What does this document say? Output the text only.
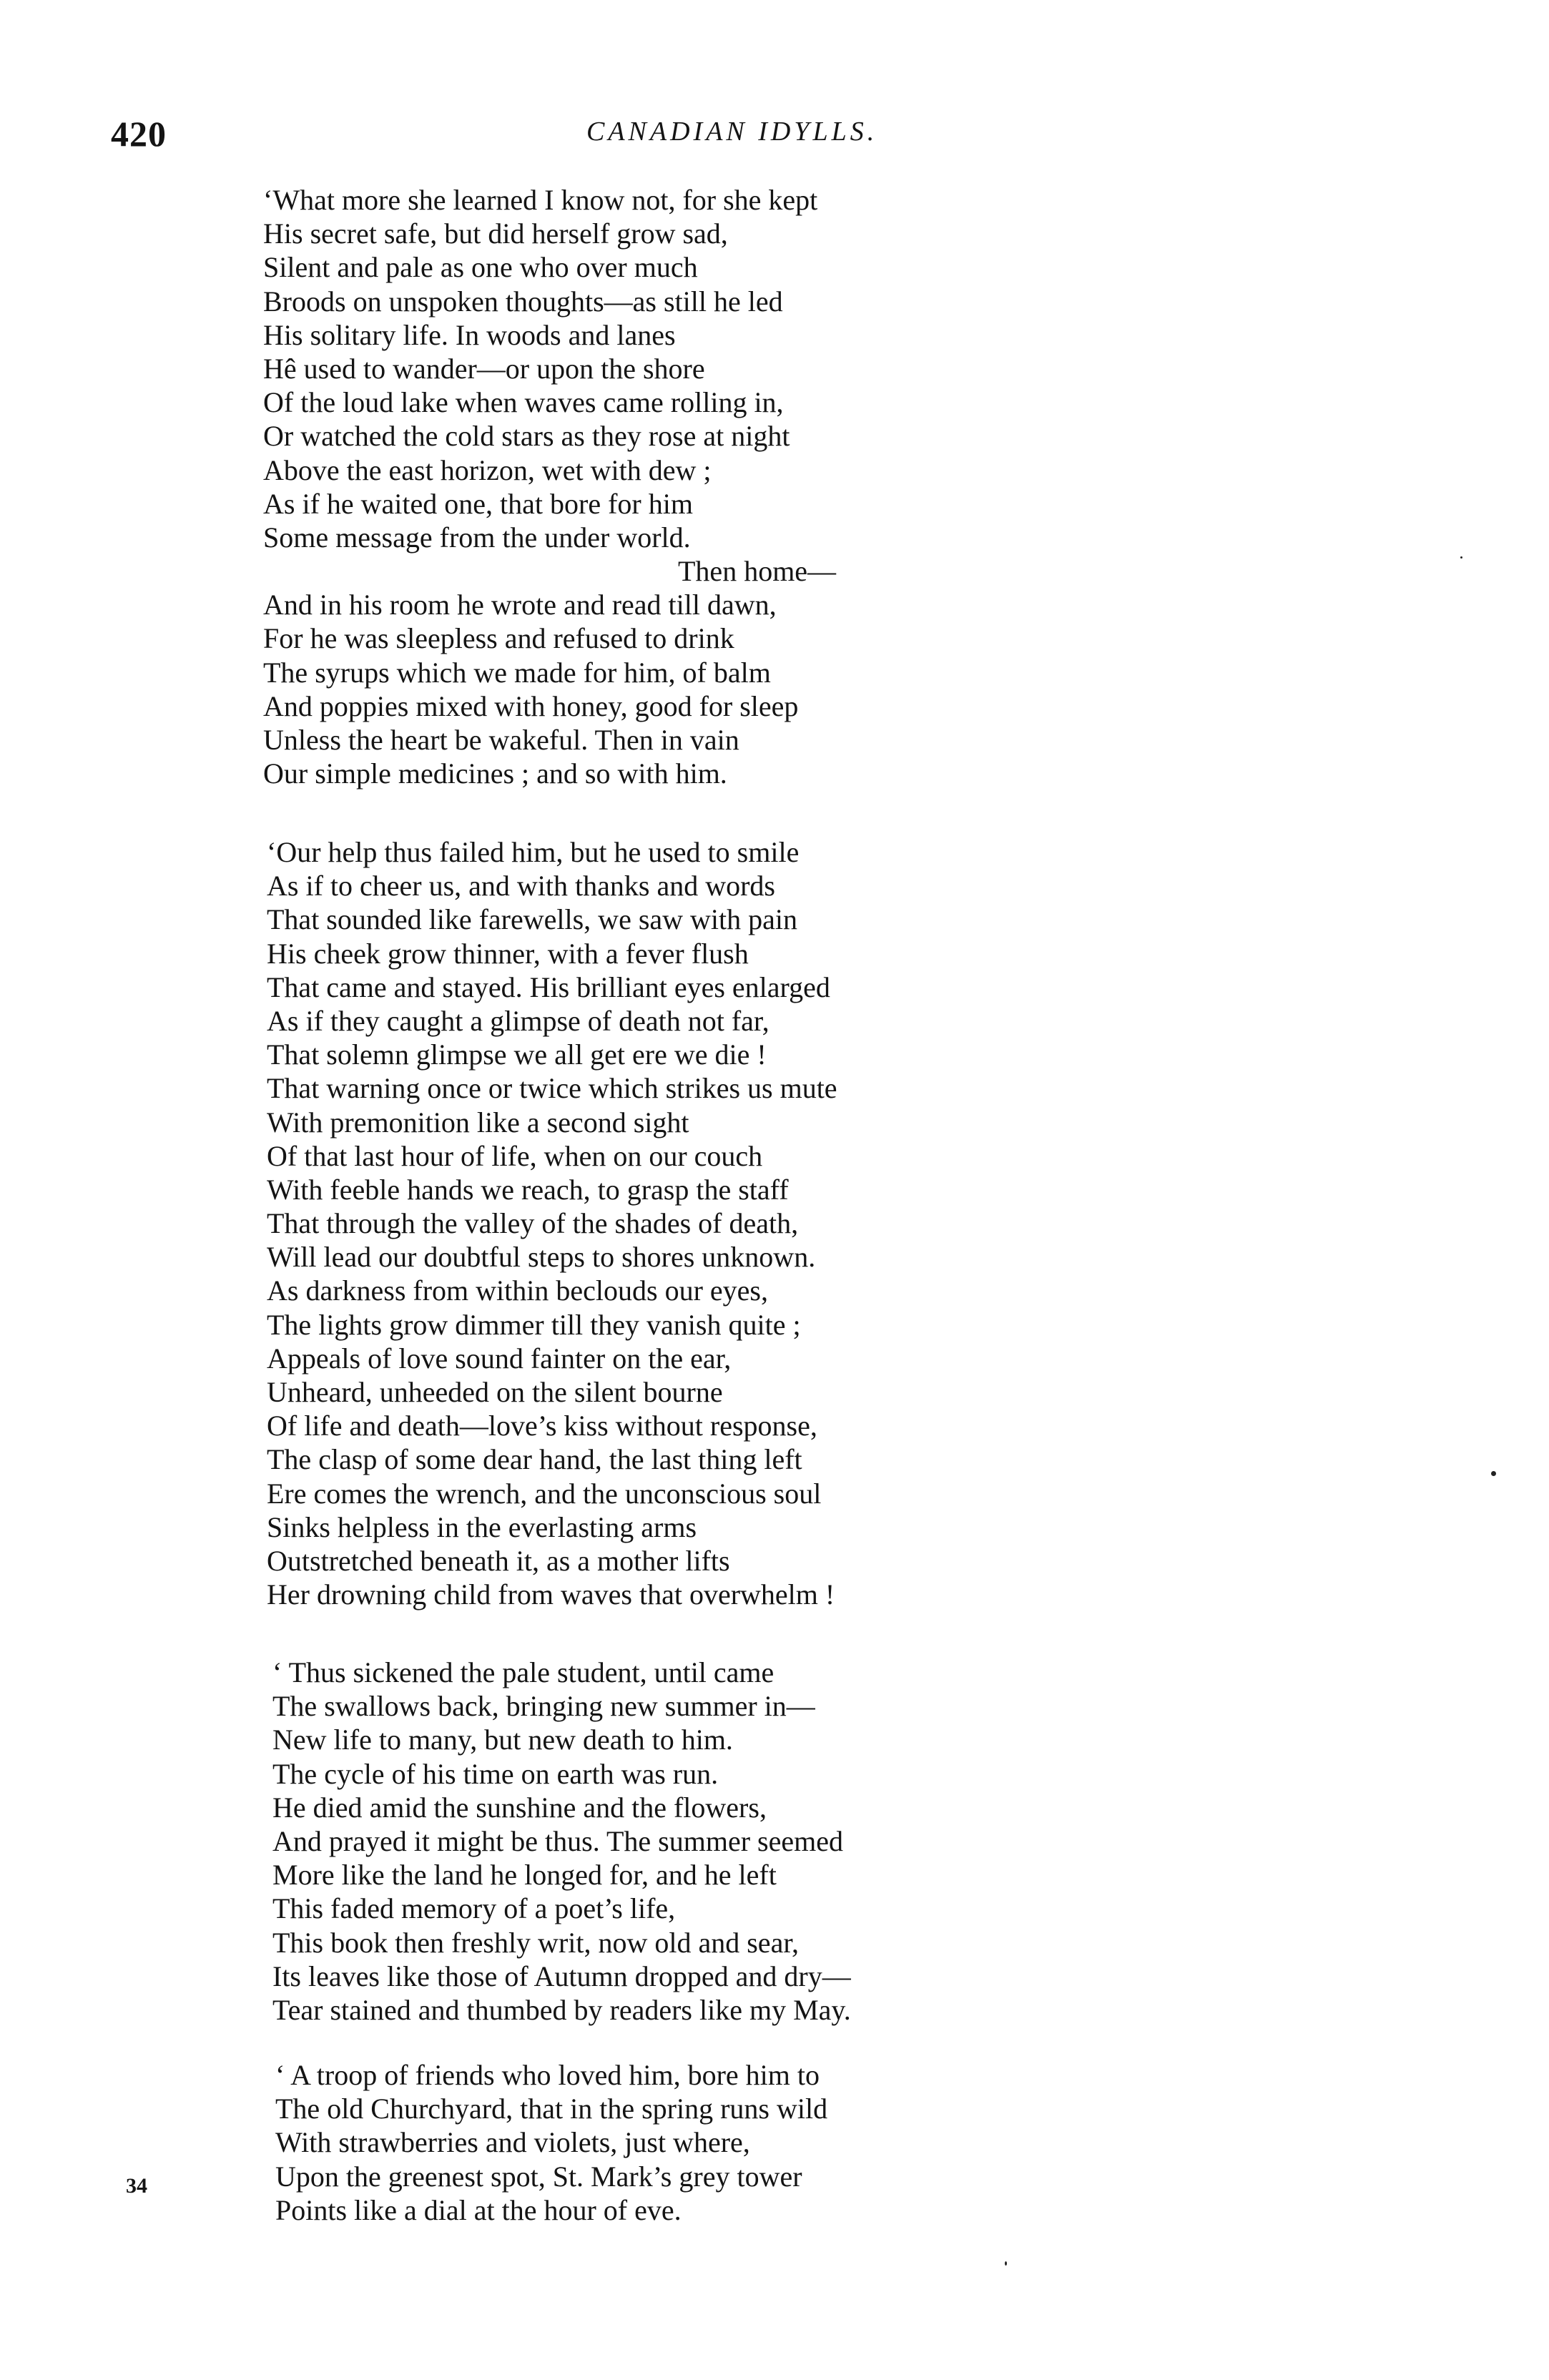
420	CANADIAN IDYLLS.
‘What more she learned I know not, for she kept
His secret safe, but did herself grow sad,
Silent and pale as one who over much
Broods on unspoken thoughts—as still he led
His solitary life. In woods and lanes
Hê used to wander—or upon the shore
Of the loud lake when waves came rolling in,
Or watched the cold stars as they rose at night
Above the east horizon, wet with dew ;
As if he waited one, that bore for him
Some message from the under world.
Then home—
And in his room he wrote and read till dawn,
For he was sleepless and refused to drink
The syrups which we made for him, of balm
And poppies mixed with honey, good for sleep
Unless the heart be wakeful. Then in vain
Our simple medicines ; and so with him.
‘Our help thus failed him, but he used to smile
As if to cheer us, and with thanks and words
That sounded like farewells, we saw with pain
His cheek grow thinner, with a fever flush
That came and stayed. His brilliant eyes enlarged
As if they caught a glimpse of death not far,
That solemn glimpse we all get ere we die !
That warning once or twice which strikes us mute
With premonition like a second sight
Of that last hour of life, when on our couch
With feeble hands we reach, to grasp the staff
That through the valley of the shades of death,
Will lead our doubtful steps to shores unknown.
As darkness from within beclouds our eyes,
The lights grow dimmer till they vanish quite ;
Appeals of love sound fainter on the ear,
Unheard, unheeded on the silent bourne
Of life and death—love’s kiss without response,
The clasp of some dear hand, the last thing left
Ere comes the wrench, and the unconscious soul
Sinks helpless in the everlasting arms
Outstretched beneath it, as a mother lifts
Her drowning child from waves that overwhelm !
‘ Thus sickened the pale student, until came
The swallows back, bringing new summer in—
New life to many, but new death to him.
The cycle of his time on earth was run.
He died amid the sunshine and the flowers,
And prayed it might be thus. The summer seemed
More like the land he longed for, and he left
This faded memory of a poet’s life,
This book then freshly writ, now old and sear,
Its leaves like those of Autumn dropped and dry—
Tear stained and thumbed by readers like my May.
‘ A troop of friends who loved him, bore him to
The old Churchyard, that in the spring runs wild
With strawberries and violets, just where,
Upon the greenest spot, St. Mark’s grey tower
Points like a dial at the hour of eve.
34
